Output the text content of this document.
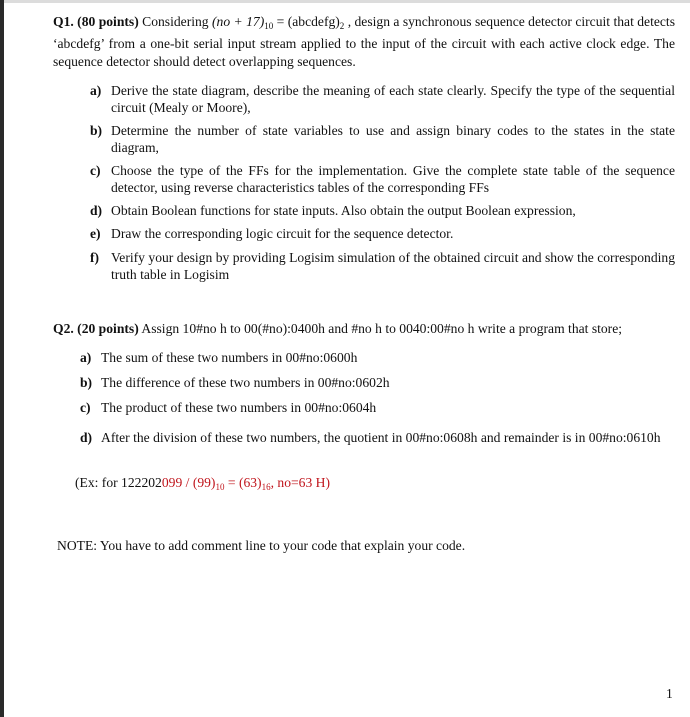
Q1. (80 points) Considering $(no + 17)_{10}$ = $(abcdefg)_2$ , design a synchronous sequence detector circuit that detects ‘abcdefg’ from a one-bit serial input stream applied to the input of the circuit with each active clock edge. The sequence detector should detect overlapping sequences.
a) Derive the state diagram, describe the meaning of each state clearly. Specify the type of the sequential circuit (Mealy or Moore),
b) Determine the number of state variables to use and assign binary codes to the states in the state diagram,
c) Choose the type of the FFs for the implementation. Give the complete state table of the sequence detector, using reverse characteristics tables of the corresponding FFs
d) Obtain Boolean functions for state inputs. Also obtain the output Boolean expression,
e) Draw the corresponding logic circuit for the sequence detector.
f) Verify your design by providing Logisim simulation of the obtained circuit and show the corresponding truth table in Logisim
Q2. (20 points) Assign 10#no h to 00(#no):0400h and #no h to 0040:00#no h write a program that store;
a) The sum of these two numbers in 00#no:0600h
b) The difference of these two numbers in 00#no:0602h
c) The product of these two numbers in 00#no:0604h
d) After the division of these two numbers, the quotient in 00#no:0608h and remainder is in 00#no:0610h
(Ex: for $122202099 / (99)_{10} = (63)_{16}$, no=63 H)
NOTE: You have to add comment line to your code that explain your code.
1
